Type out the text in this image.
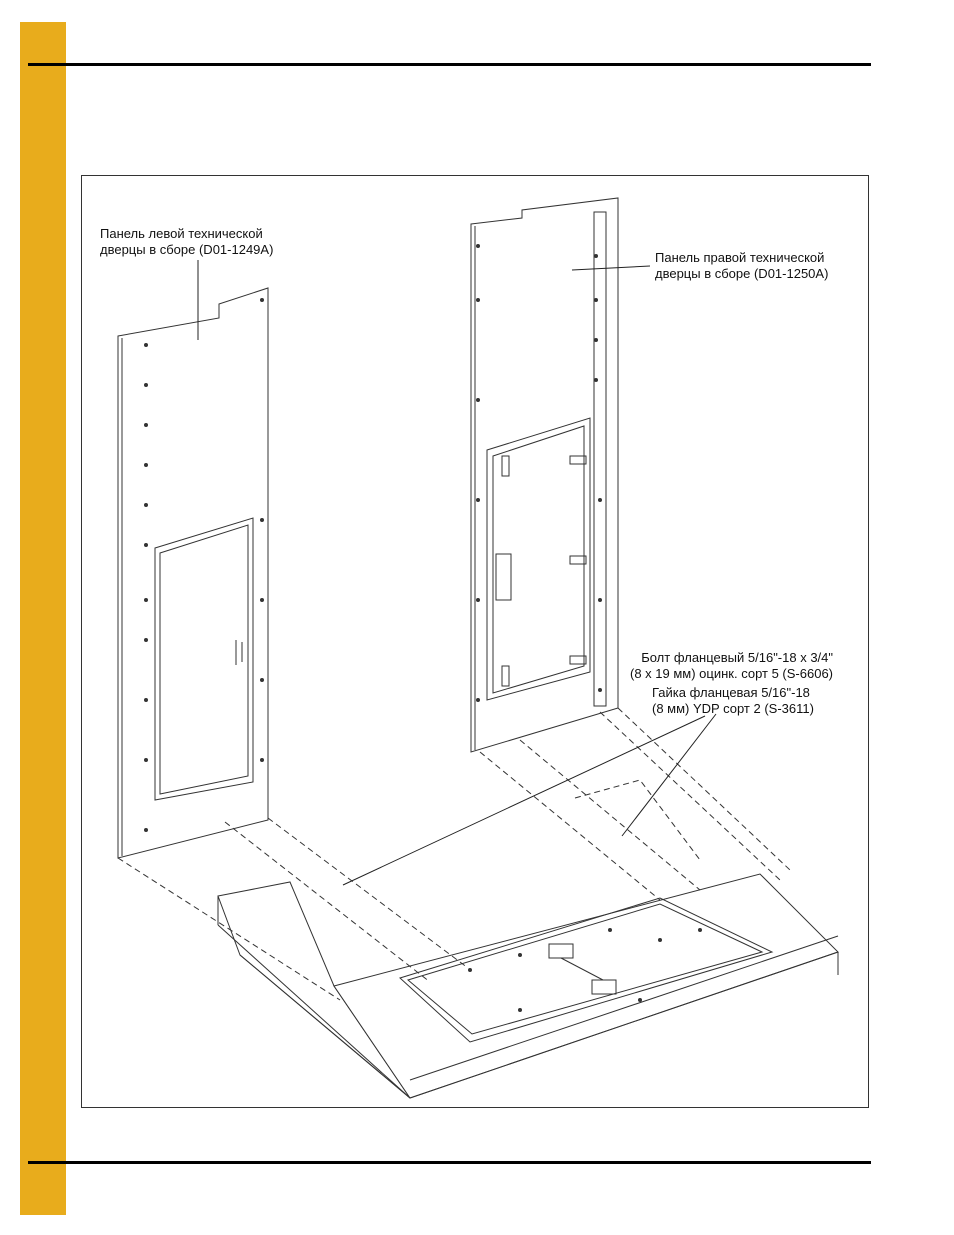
Панель левой технической
дверцы в сборе (D01-1249A)
Панель правой технической
дверцы в сборе (D01-1250A)
Болт фланцевый 5/16"-18 x 3/4"
(8 x 19 мм) оцинк. сорт 5 (S-6606)
Гайка фланцевая 5/16"-18
(8 мм) YDP сорт 2 (S-3611)
